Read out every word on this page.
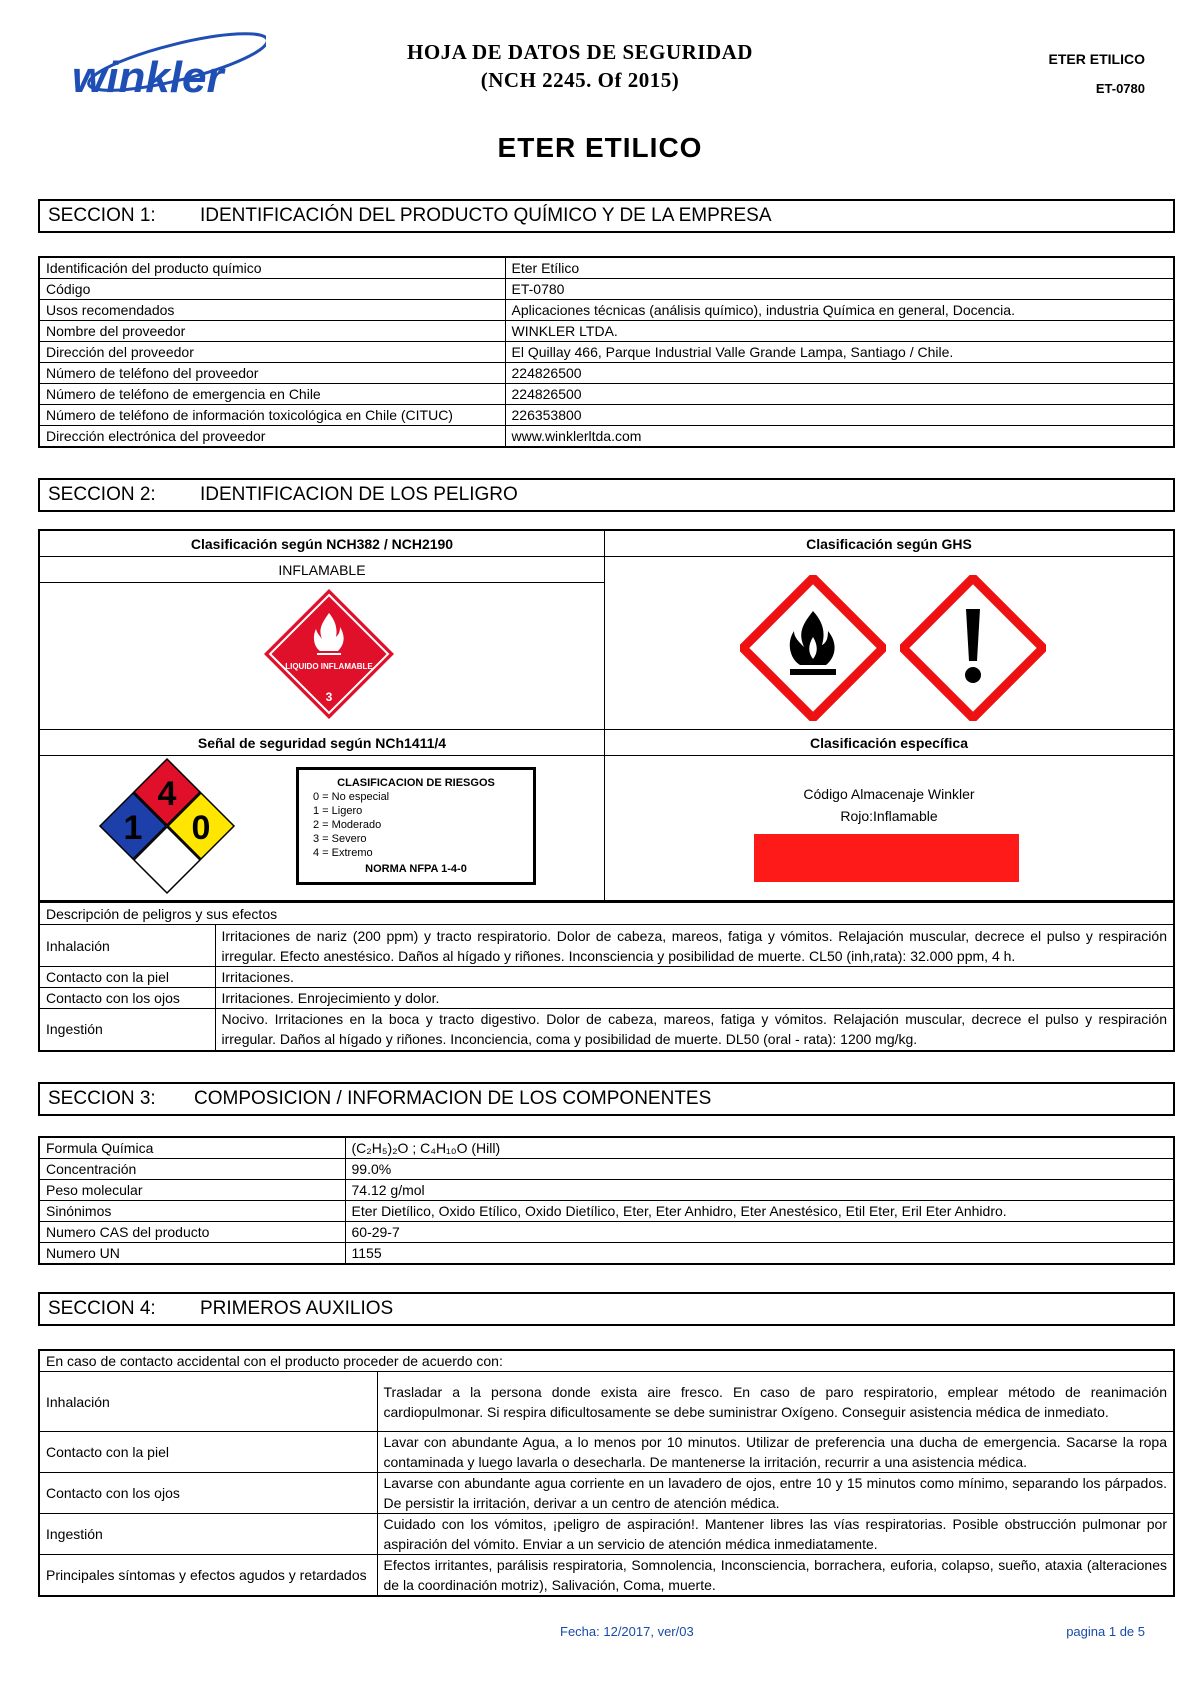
winkler
HOJA DE DATOS DE SEGURIDAD
(NCH 2245. Of 2015)
ETER ETILICO
ET-0780
ETER ETILICO
SECCION 1: IDENTIFICACIÓN DEL PRODUCTO QUÍMICO Y DE LA EMPRESA
Identificación del producto químico	Eter Etílico
Código	ET-0780
Usos recomendados	Aplicaciones técnicas (análisis químico), industria Química en general, Docencia.
Nombre del proveedor	WINKLER LTDA.
Dirección del proveedor	El Quillay 466, Parque Industrial Valle Grande Lampa, Santiago / Chile.
Número de teléfono del proveedor	224826500
Número de teléfono de emergencia en Chile	224826500
Número de teléfono de información toxicológica en Chile (CITUC)	226353800
Dirección electrónica del proveedor	www.winklerltda.com
SECCION 2: IDENTIFICACION DE LOS PELIGRO
Clasificación según NCH382 / NCH2190
INFLAMABLE
Clasificación según GHS
LIQUIDO INFLAMABLE
3
Señal de seguridad según NCh1411/4	Clasificación específica
4
1 0
CLASIFICACION DE RIESGOS
0 = No especial
1 = Ligero
2 = Moderado
3 = Severo
4 = Extremo
NORMA NFPA 1-4-0
Código Almacenaje Winkler
Rojo:Inflamable
Descripción de peligros y sus efectos	
Inhalación	Irritaciones de nariz (200 ppm) y tracto respiratorio. Dolor de cabeza, mareos, fatiga y vómitos. Relajación muscular, decrece el pulso y respiración irregular. Efecto anestésico. Daños al hígado y riñones. Inconsciencia y posibilidad de muerte. CL50 (inh,rata): 32.000 ppm, 4 h.
Contacto con la piel	Irritaciones.
Contacto con los ojos	Irritaciones. Enrojecimiento y dolor.
Ingestión	Nocivo. Irritaciones en la boca y tracto digestivo. Dolor de cabeza, mareos, fatiga y vómitos. Relajación muscular, decrece el pulso y respiración irregular. Daños al hígado y riñones. Inconciencia, coma y posibilidad de muerte. DL50 (oral - rata): 1200 mg/kg.
SECCION 3: COMPOSICION / INFORMACION DE LOS COMPONENTES
Formula Química	(C₂H₅)₂O ; C₄H₁₀O (Hill)
Concentración	99.0%
Peso molecular	74.12 g/mol
Sinónimos	Eter Dietílico, Oxido Etílico, Oxido Dietílico, Eter, Eter Anhidro, Eter Anestésico, Etil Eter, Eril Eter Anhidro.
Numero CAS del producto	60-29-7
Numero UN	1155
SECCION 4: PRIMEROS AUXILIOS
En caso de contacto accidental con el producto proceder de acuerdo con:	
Inhalación	Trasladar a la persona donde exista aire fresco. En caso de paro respiratorio, emplear método de reanimación cardiopulmonar. Si respira dificultosamente se debe suministrar Oxígeno. Conseguir asistencia médica de inmediato.
Contacto con la piel	Lavar con abundante Agua, a lo menos por 10 minutos. Utilizar de preferencia una ducha de emergencia. Sacarse la ropa contaminada y luego lavarla o desecharla. De mantenerse la irritación, recurrir a una asistencia médica.
Contacto con los ojos	Lavarse con abundante agua corriente en un lavadero de ojos, entre 10 y 15 minutos como mínimo, separando los párpados. De persistir la irritación, derivar a un centro de atención médica.
Ingestión	Cuidado con los vómitos, ¡peligro de aspiración!. Mantener libres las vías respiratorias. Posible obstrucción pulmonar por aspiración del vómito. Enviar a un servicio de atención médica inmediatamente.
Principales síntomas y efectos agudos y retardados	Efectos irritantes, parálisis respiratoria, Somnolencia, Inconsciencia, borrachera, euforia, colapso, sueño, ataxia (alteraciones de la coordinación motriz), Salivación, Coma, muerte.
Fecha: 12/2017, ver/03	pagina 1 de 5
